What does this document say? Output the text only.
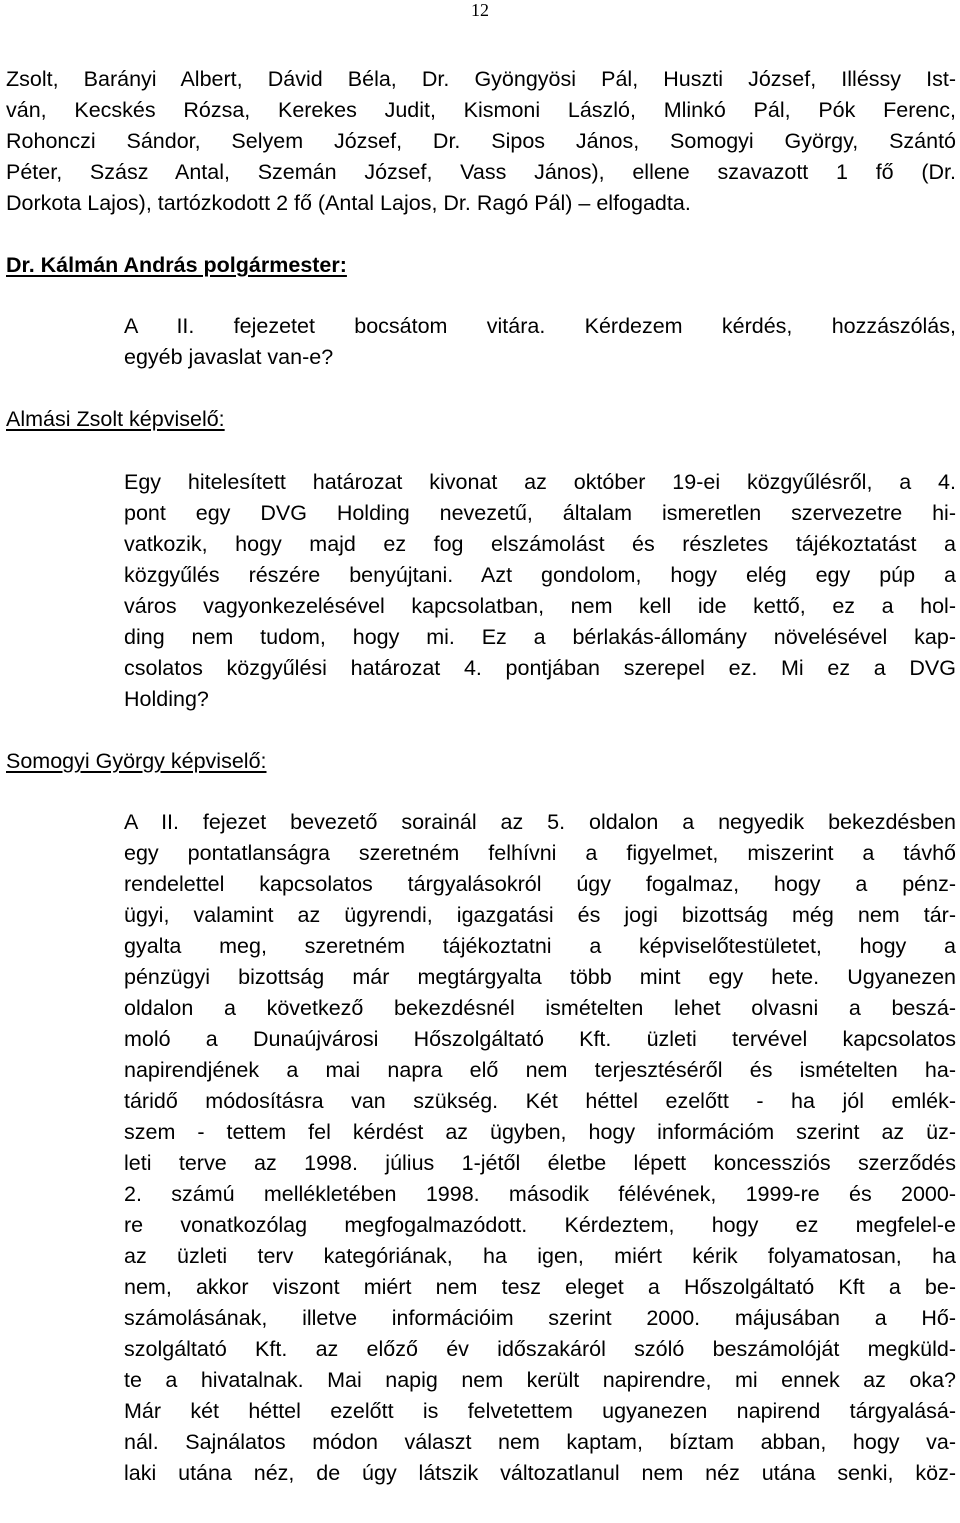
12
Zsolt, Barányi Albert, Dávid Béla, Dr. Gyöngyösi Pál, Huszti József, Illéssy Ist-
ván, Kecskés Rózsa, Kerekes Judit, Kismoni László, Mlinkó Pál, Pók Ferenc,
Rohonczi Sándor, Selyem József, Dr. Sipos János, Somogyi György, Szántó
Péter, Szász Antal, Szemán József, Vass János), ellene szavazott 1 fő (Dr.
Dorkota Lajos), tartózkodott 2 fő (Antal Lajos, Dr. Ragó Pál) – elfogadta.
Dr. Kálmán András polgármester:
A II. fejezetet bocsátom vitára. Kérdezem kérdés, hozzászólás,
egyéb javaslat van-e?
Almási Zsolt képviselő:
Egy hitelesített határozat kivonat az október 19-ei közgyűlésről, a 4.
pont egy DVG Holding nevezetű, általam ismeretlen szervezetre hi-
vatkozik, hogy majd ez fog elszámolást és részletes tájékoztatást a
közgyűlés részére benyújtani. Azt gondolom, hogy elég egy púp a
város vagyonkezelésével kapcsolatban, nem kell ide kettő, ez a hol-
ding nem tudom, hogy mi. Ez a bérlakás-állomány növelésével kap-
csolatos közgyűlési határozat 4. pontjában szerepel ez. Mi ez a DVG
Holding?
Somogyi György képviselő:
A II. fejezet bevezető sorainál az 5. oldalon a negyedik bekezdésben
egy pontatlanságra szeretném felhívni a figyelmet, miszerint a távhő
rendelettel kapcsolatos tárgyalásokról úgy fogalmaz, hogy a pénz-
ügyi, valamint az ügyrendi, igazgatási és jogi bizottság még nem tár-
gyalta meg, szeretném tájékoztatni a képviselőtestületet, hogy a
pénzügyi bizottság már megtárgyalta több mint egy hete. Ugyanezen
oldalon a következő bekezdésnél ismételten lehet olvasni a beszá-
moló a Dunaújvárosi Hőszolgáltató Kft. üzleti tervével kapcsolatos
napirendjének a mai napra elő nem terjesztéséről és ismételten ha-
táridő módosításra van szükség. Két héttel ezelőtt - ha jól emlék-
szem - tettem fel kérdést az ügyben, hogy információm szerint az üz-
leti terve az 1998. július 1-jétől életbe lépett koncessziós szerződés
2. számú mellékletében 1998. második félévének, 1999-re és 2000-
re vonatkozólag megfogalmazódott. Kérdeztem, hogy ez megfelel-e
az üzleti terv kategóriának, ha igen, miért kérik folyamatosan, ha
nem, akkor viszont miért nem tesz eleget a Hőszolgáltató Kft a be-
számolásának, illetve információim szerint 2000. májusában a Hő-
szolgáltató Kft. az előző év időszakáról szóló beszámolóját megküld-
te a hivatalnak. Mai napig nem került napirendre, mi ennek az oka?
Már két héttel ezelőtt is felvetettem ugyanezen napirend tárgyalásá-
nál. Sajnálatos módon választ nem kaptam, bíztam abban, hogy va-
laki utána néz, de úgy látszik változatlanul nem néz utána senki, köz-
